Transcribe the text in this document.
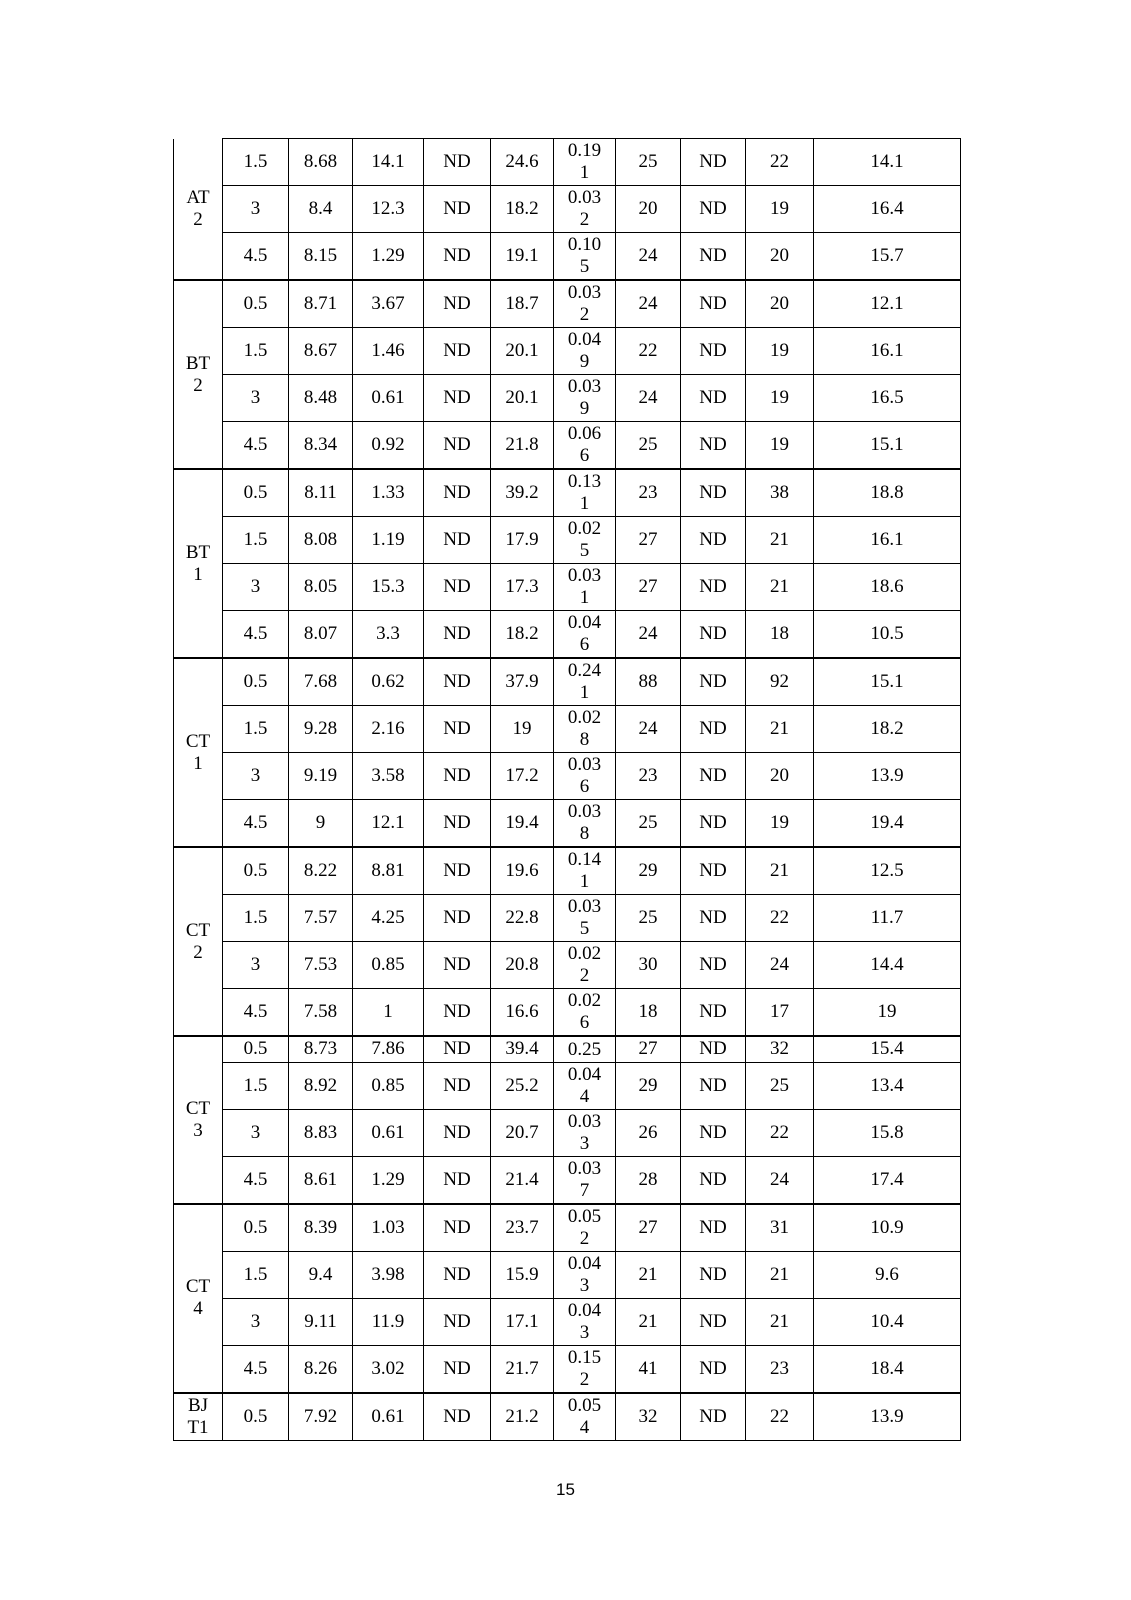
AT 2	1.5	8.68	14.1	ND	24.6	0.191	25	ND	22	14.1
	3	8.4	12.3	ND	18.2	0.032	20	ND	19	16.4
	4.5	8.15	1.29	ND	19.1	0.105	24	ND	20	15.7
BT 2	0.5	8.71	3.67	ND	18.7	0.032	24	ND	20	12.1
	1.5	8.67	1.46	ND	20.1	0.049	22	ND	19	16.1
	3	8.48	0.61	ND	20.1	0.039	24	ND	19	16.5
	4.5	8.34	0.92	ND	21.8	0.066	25	ND	19	15.1
BT 1	0.5	8.11	1.33	ND	39.2	0.131	23	ND	38	18.8
	1.5	8.08	1.19	ND	17.9	0.025	27	ND	21	16.1
	3	8.05	15.3	ND	17.3	0.031	27	ND	21	18.6
	4.5	8.07	3.3	ND	18.2	0.046	24	ND	18	10.5
CT 1	0.5	7.68	0.62	ND	37.9	0.241	88	ND	92	15.1
	1.5	9.28	2.16	ND	19	0.028	24	ND	21	18.2
	3	9.19	3.58	ND	17.2	0.036	23	ND	20	13.9
	4.5	9	12.1	ND	19.4	0.038	25	ND	19	19.4
CT 2	0.5	8.22	8.81	ND	19.6	0.141	29	ND	21	12.5
	1.5	7.57	4.25	ND	22.8	0.035	25	ND	22	11.7
	3	7.53	0.85	ND	20.8	0.022	30	ND	24	14.4
	4.5	7.58	1	ND	16.6	0.026	18	ND	17	19
CT 3	0.5	8.73	7.86	ND	39.4	0.25	27	ND	32	15.4
	1.5	8.92	0.85	ND	25.2	0.044	29	ND	25	13.4
	3	8.83	0.61	ND	20.7	0.033	26	ND	22	15.8
	4.5	8.61	1.29	ND	21.4	0.037	28	ND	24	17.4
CT 4	0.5	8.39	1.03	ND	23.7	0.052	27	ND	31	10.9
	1.5	9.4	3.98	ND	15.9	0.043	21	ND	21	9.6
	3	9.11	11.9	ND	17.1	0.043	21	ND	21	10.4
	4.5	8.26	3.02	ND	21.7	0.152	41	ND	23	18.4
BJ T1	0.5	7.92	0.61	ND	21.2	0.054	32	ND	22	13.9
15
